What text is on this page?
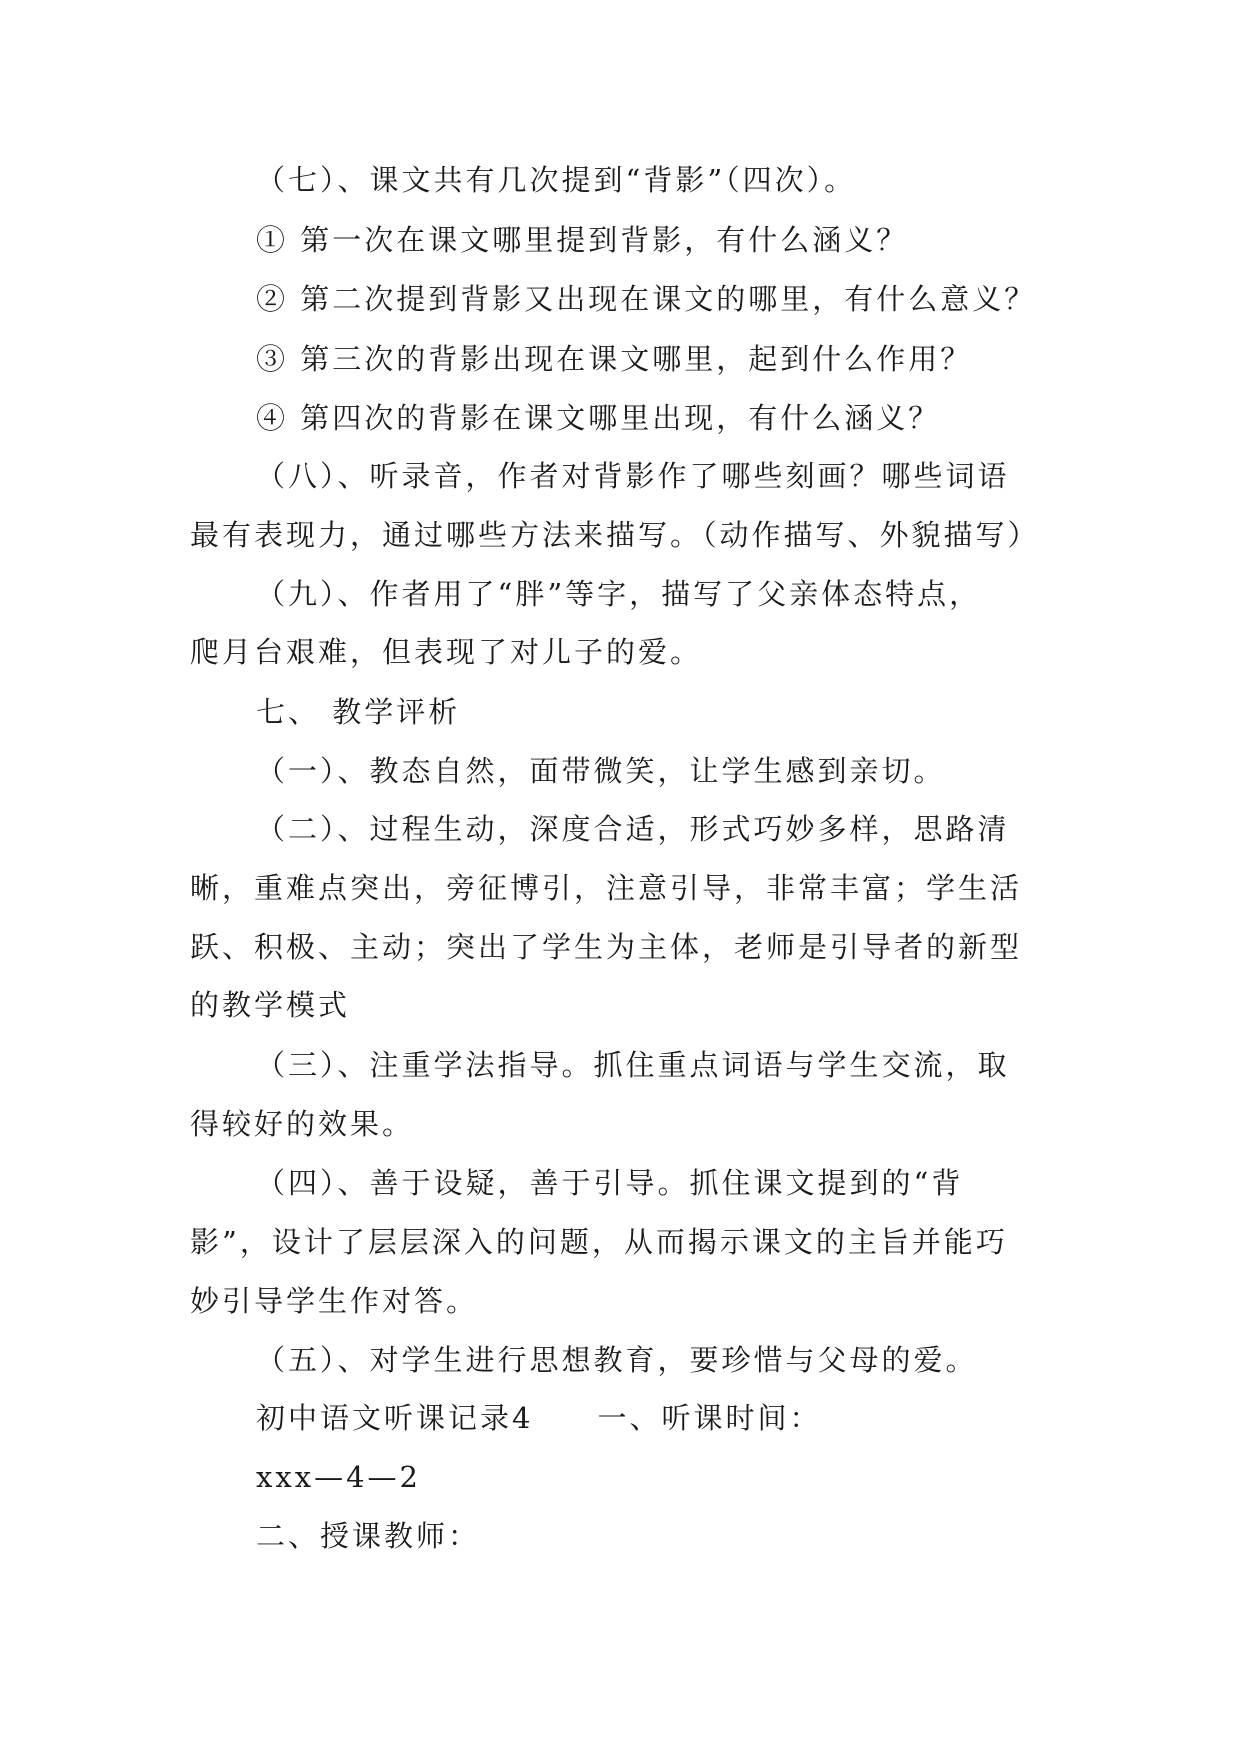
（七）、课文共有几次提到“背影”（四次）。
① 第一次在课文哪里提到背影，有什么涵义？
② 第二次提到背影又出现在课文的哪里，有什么意义？
③ 第三次的背影出现在课文哪里，起到什么作用？
④ 第四次的背影在课文哪里出现，有什么涵义？
（八）、听录音，作者对背影作了哪些刻画？哪些词语
最有表现力，通过哪些方法来描写。（动作描写、外貌描写）
（九）、作者用了“胖”等字，描写了父亲体态特点，
爬月台艰难，但表现了对儿子的爱。
七、 教学评析
（一）、教态自然，面带微笑，让学生感到亲切。
（二）、过程生动，深度合适，形式巧妙多样，思路清
晰，重难点突出，旁征博引，注意引导，非常丰富；学生活
跃、积极、主动；突出了学生为主体，老师是引导者的新型
的教学模式
（三）、注重学法指导。抓住重点词语与学生交流，取
得较好的效果。
（四）、善于设疑，善于引导。抓住课文提到的“背
影”，设计了层层深入的问题，从而揭示课文的主旨并能巧
妙引导学生作对答。
（五）、对学生进行思想教育，要珍惜与父母的爱。
初中语文听课记录4　　一、听课时间：
xxx—4—2
二、授课教师：
